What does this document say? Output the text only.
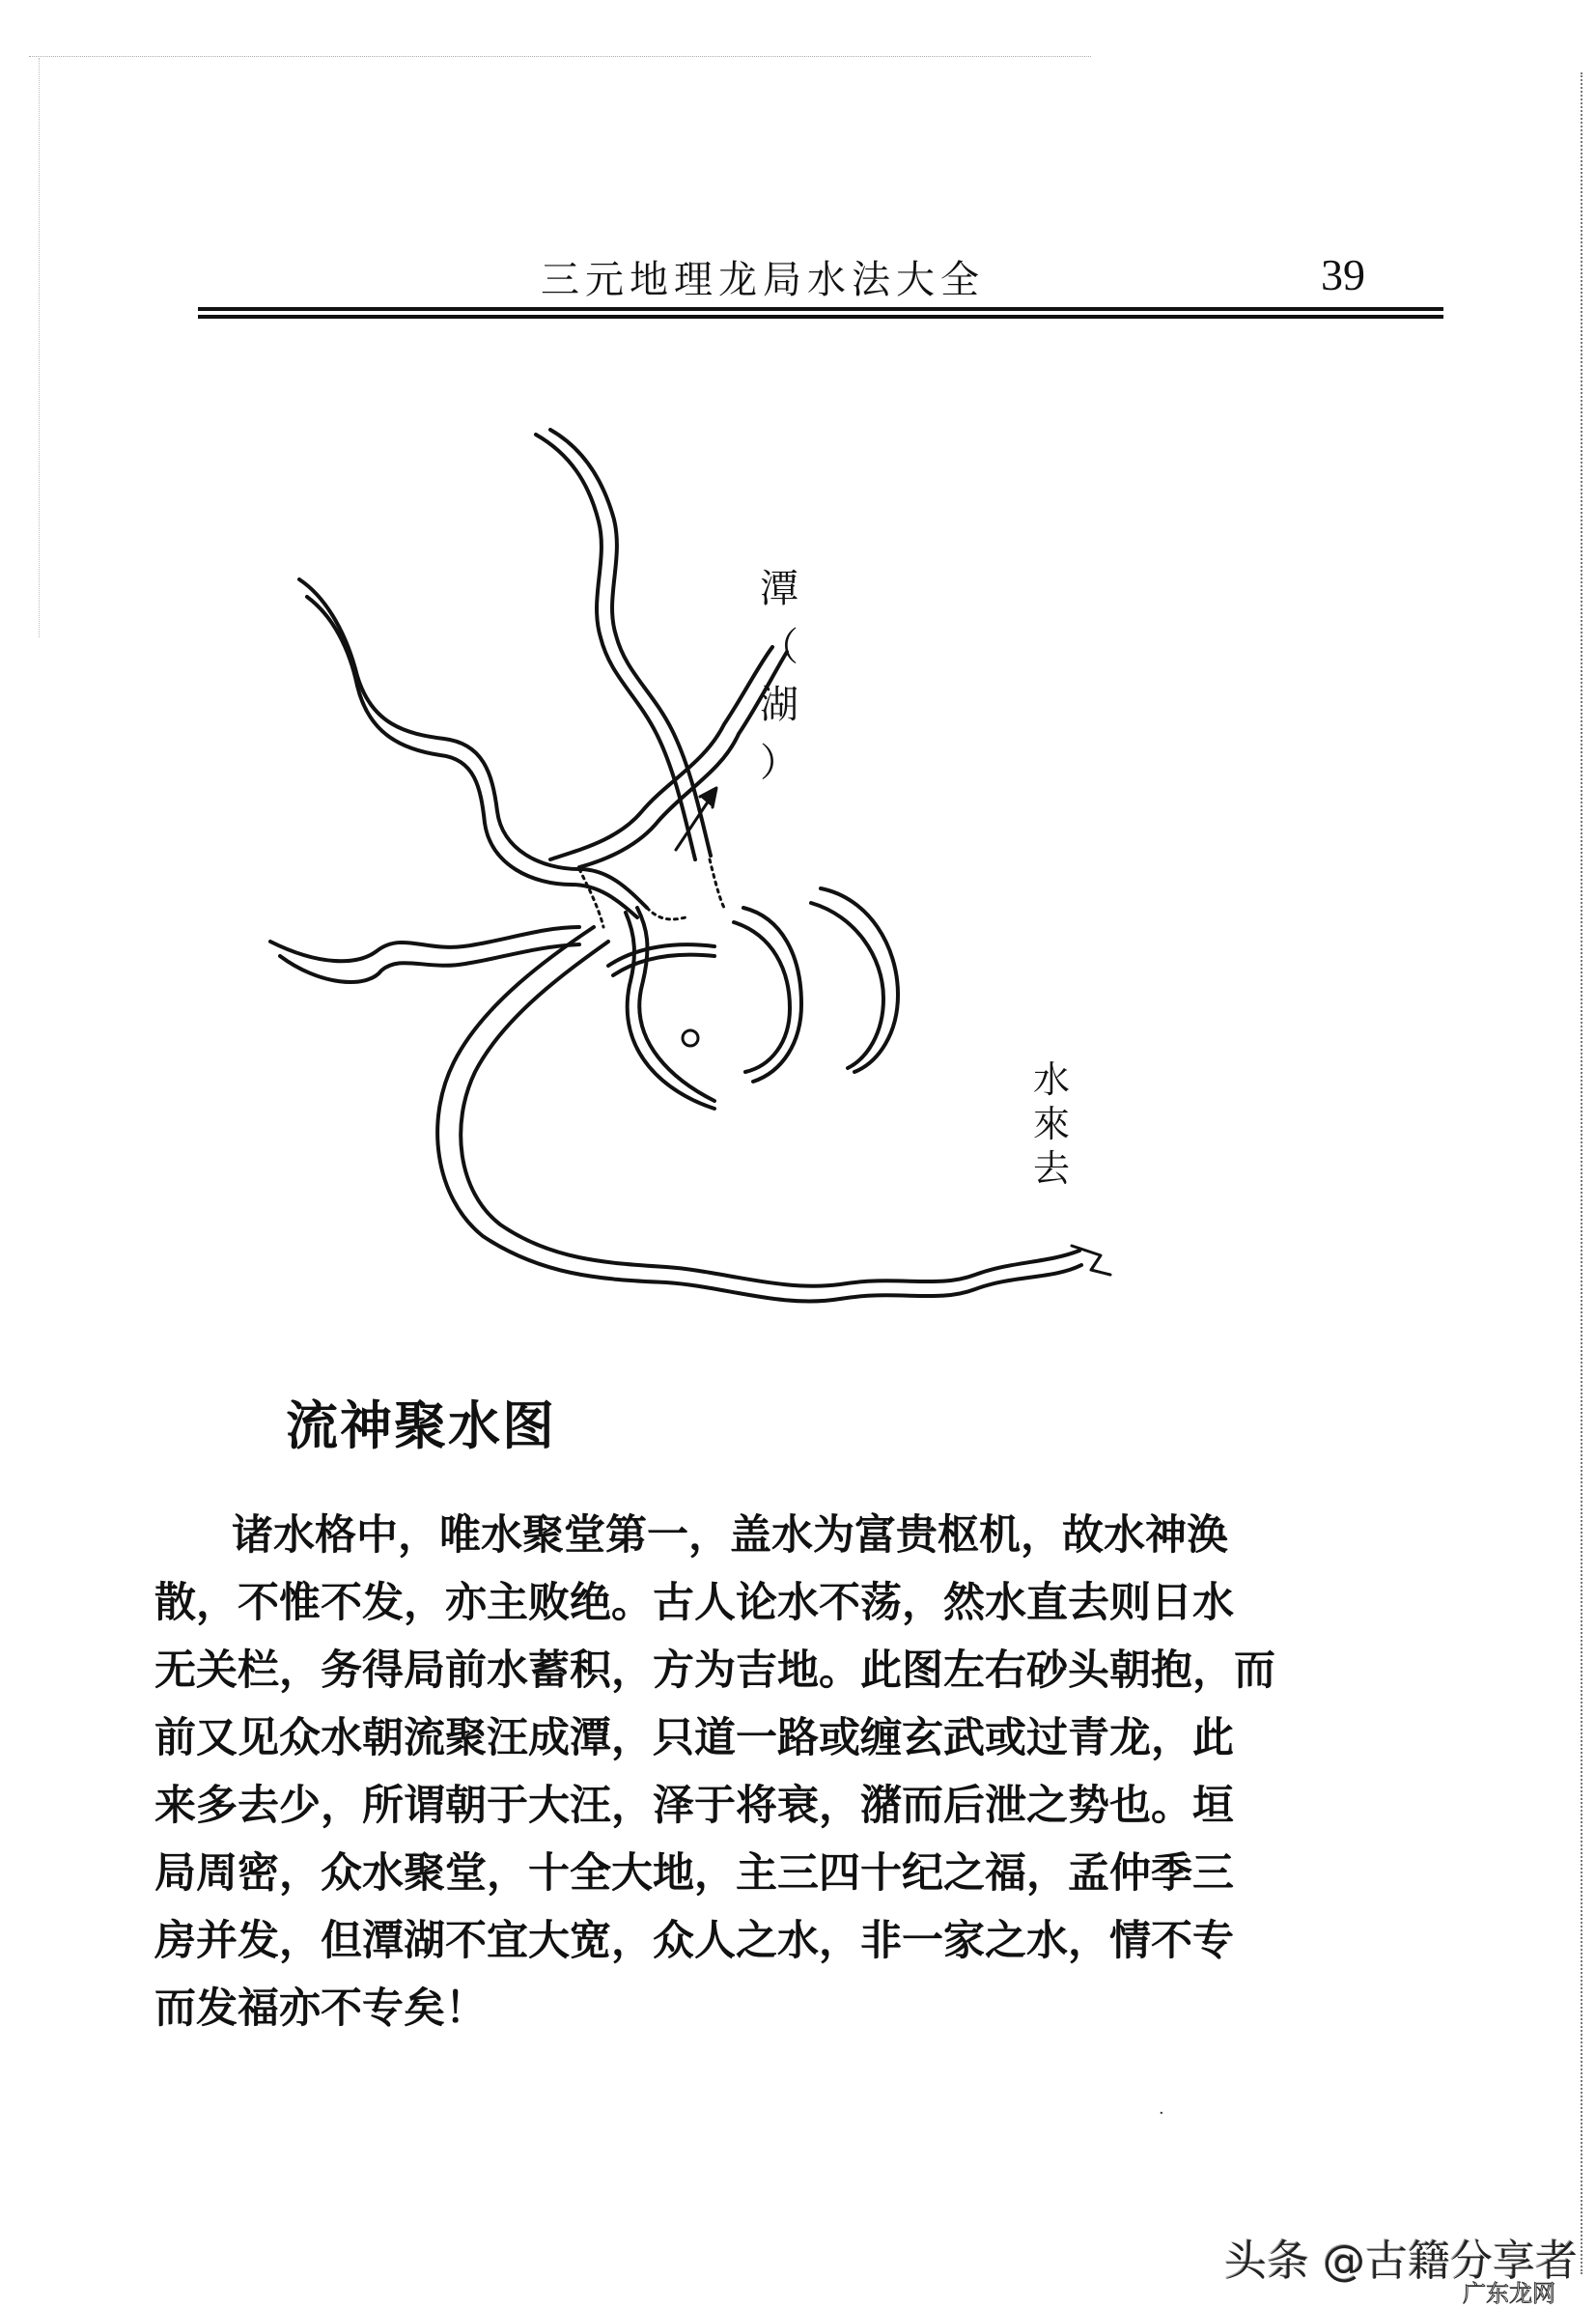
三元地理龙局水法大全	39
潭
（
湖
）
水
來
去
流神聚水图
诸水格中，唯水聚堂第一，盖水为富贵枢机，故水神涣
散，不惟不发，亦主败绝。古人论水不荡，然水直去则日水
无关栏，务得局前水蓄积，方为吉地。此图左右砂头朝抱，而
前又见众水朝流聚汪成潭，只道一路或缠玄武或过青龙，此
来多去少，所谓朝于大汪，泽于将衰，潴而后泄之势也。垣
局周密，众水聚堂，十全大地，主三四十纪之福，孟仲季三
房并发，但潭湖不宜大宽，众人之水，非一家之水，情不专
而发福亦不专矣！
·
头条 @古籍分享者
广东龙网
